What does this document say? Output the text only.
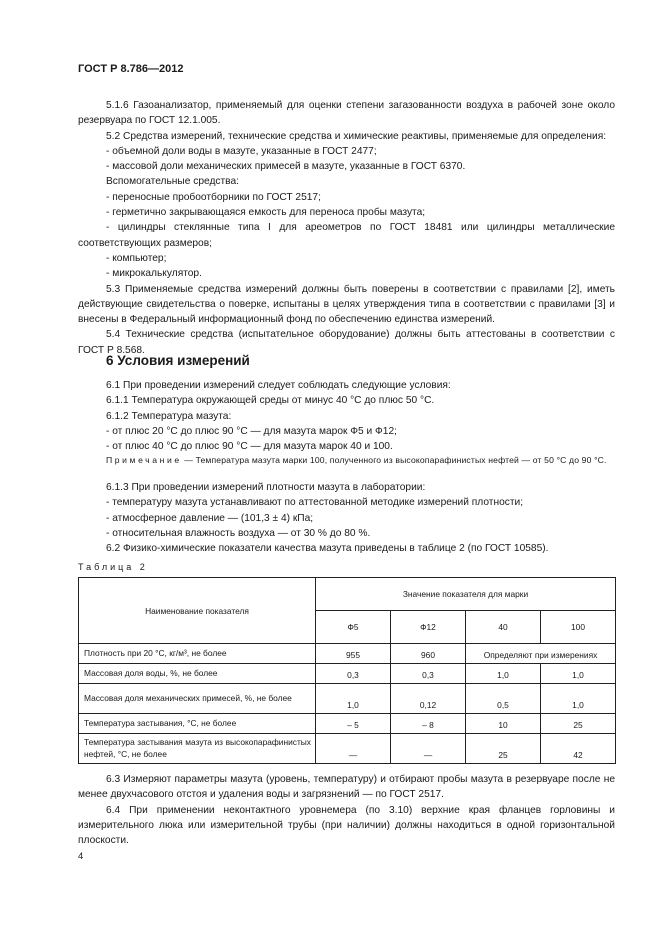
ГОСТ Р 8.786—2012

5.1.6 Газоанализатор, применяемый для оценки степени загазованности воздуха в рабочей зоне около резервуара по ГОСТ 12.1.005.

5.2 Средства измерений, технические средства и химические реактивы, применяемые для определения:

- объемной доли воды в мазуте, указанные в ГОСТ 2477;

- массовой доли механических примесей в мазуте, указанные в ГОСТ 6370.

Вспомогательные средства:

- переносные пробоотборники по ГОСТ 2517;

- герметично закрывающаяся емкость для переноса пробы мазута;

- цилиндры стеклянные типа I для ареометров по ГОСТ 18481 или цилиндры металлические соответствующих размеров;

- компьютер;

- микрокалькулятор.

5.3 Применяемые средства измерений должны быть поверены в соответствии с правилами [2], иметь действующие свидетельства о поверке, испытаны в целях утверждения типа в соответствии с правилами [3] и внесены в Федеральный информационный фонд по обеспечению единства измерений.

5.4 Технические средства (испытательное оборудование) должны быть аттестованы в соответствии с ГОСТ Р 8.568.

6 Условия измерений

6.1 При проведении измерений следует соблюдать следующие условия:

6.1.1 Температура окружающей среды от минус 40 °С до плюс 50 °С.

6.1.2 Температура мазута:

- от плюс 20 °С до плюс 90 °С — для мазута марок Ф5 и Ф12;

- от плюс 40 °С до плюс 90 °С — для мазута марок 40 и 100.

Примечание — Температура мазута марки 100, полученного из высокопарафинистых нефтей — от 50 °С до 90 °С.

6.1.3 При проведении измерений плотности мазута в лаборатории:

- температуру мазута устанавливают по аттестованной методике измерений плотности;

- атмосферное давление — (101,3 ± 4) кПа;

- относительная влажность воздуха — от 30 % до 80 %.

6.2 Физико-химические показатели качества мазута приведены в таблице 2 (по ГОСТ 10585).

Таблица 2
Наименование показателя	Значение показателя для марки			
	Ф5	Ф12	40	100
Плотность при 20 °С, кг/м³, не более	955	960	Определяют при измерениях	
Массовая доля воды, %, не более	0,3	0,3	1,0	1,0
Массовая доля механических примесей, %, не более	1,0	0,12	0,5	1,0
Температура застывания, °С, не более	– 5	– 8	10	25
Температура застывания мазута из высокопарафинистых нефтей, °С, не более	—	—	25	42

6.3 Измеряют параметры мазута (уровень, температуру) и отбирают пробы мазута в резервуаре после не менее двухчасового отстоя и удаления воды и загрязнений — по ГОСТ 2517.

6.4 При применении неконтактного уровнемера (по 3.10) верхние края фланцев горловины и измерительного люка или измерительной трубы (при наличии) должны находиться в одной горизонтальной плоскости.

4
